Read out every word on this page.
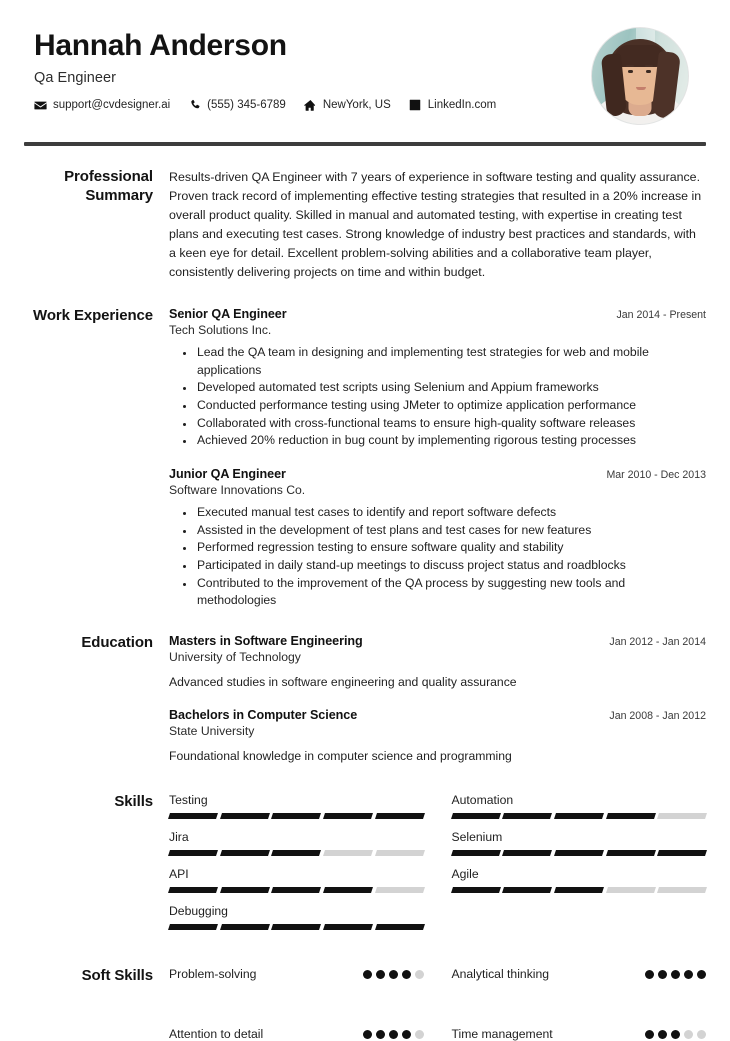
Hannah Anderson
Qa Engineer
support@cvdesigner.ai	(555) 345-6789	NewYork, US	LinkedIn.com
Professional Summary
Results-driven QA Engineer with 7 years of experience in software testing and quality assurance. Proven track record of implementing effective testing strategies that resulted in a 20% increase in overall product quality. Skilled in manual and automated testing, with expertise in creating test plans and executing test cases. Strong knowledge of industry best practices and standards, with a keen eye for detail. Excellent problem-solving abilities and a collaborative team player, consistently delivering projects on time and within budget.
Work Experience	Senior QA Engineer	Jan 2014 - Present
Tech Solutions Inc.
• Lead the QA team in designing and implementing test strategies for web and mobile applications
• Developed automated test scripts using Selenium and Appium frameworks
• Conducted performance testing using JMeter to optimize application performance
• Collaborated with cross-functional teams to ensure high-quality software releases
• Achieved 20% reduction in bug count by implementing rigorous testing processes
Junior QA Engineer	Mar 2010 - Dec 2013
Software Innovations Co.
• Executed manual test cases to identify and report software defects
• Assisted in the development of test plans and test cases for new features
• Performed regression testing to ensure software quality and stability
• Participated in daily stand-up meetings to discuss project status and roadblocks
• Contributed to the improvement of the QA process by suggesting new tools and methodologies
Education	Masters in Software Engineering	Jan 2012 - Jan 2014
University of Technology
Advanced studies in software engineering and quality assurance
Bachelors in Computer Science	Jan 2008 - Jan 2012
State University
Foundational knowledge in computer science and programming
Skills	Testing	Automation
Jira	Selenium
API	Agile
Debugging
Soft Skills	Problem-solving	Analytical thinking
Attention to detail	Time management
